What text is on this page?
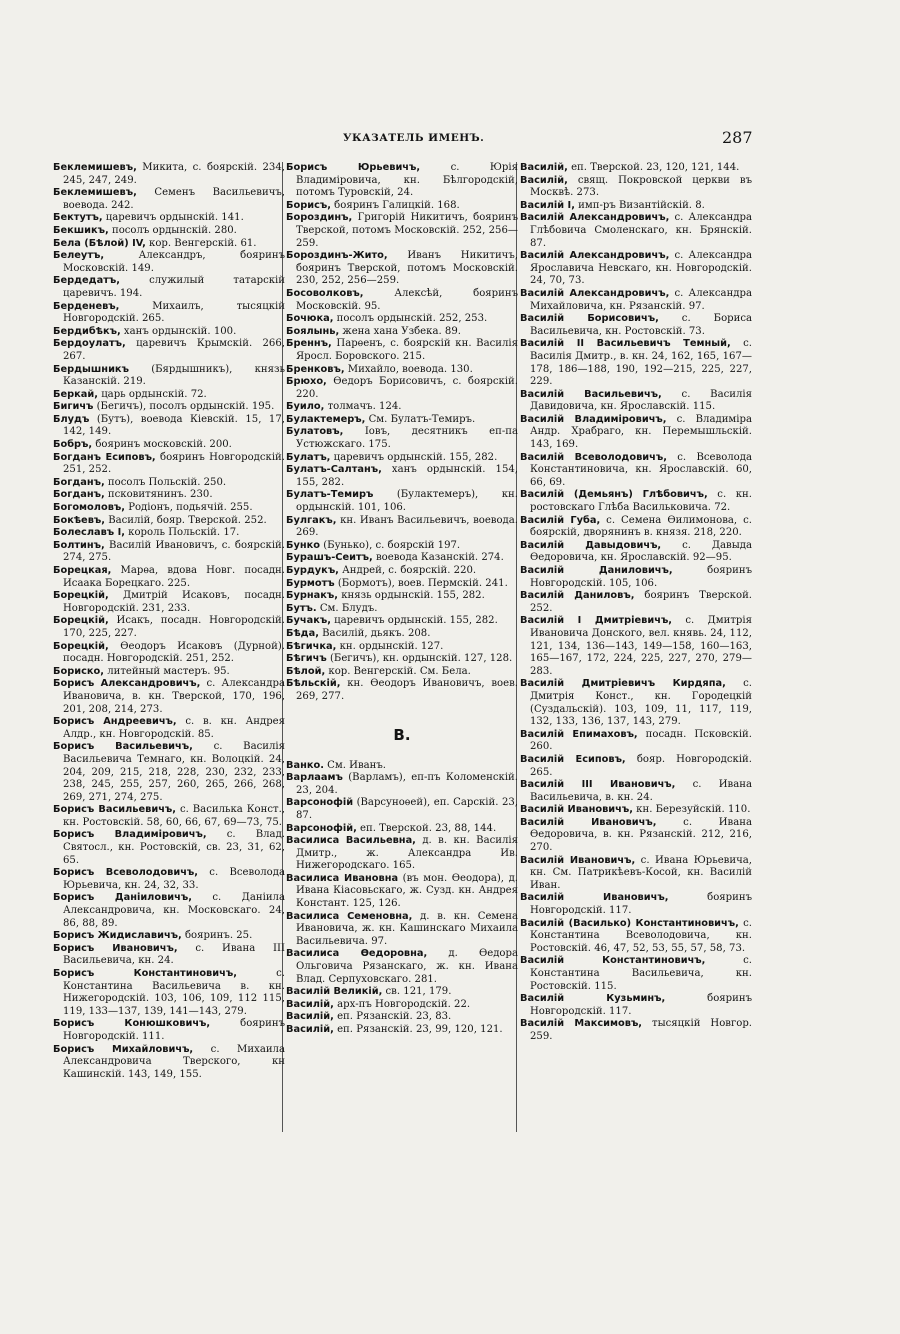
УКАЗАТЕЛЬ ИМЕНЪ.	287

Беклемишевъ, Микита, с. боярскій. 234, 245, 247, 249.

Беклемишевъ, Семенъ Васильевичъ, воевода. 242.

Бектутъ, царевичъ ордынскій. 141.

Бекшикъ, посолъ ордынскій. 280.

Бела (Бѣлой) IV, кор. Венгерскій. 61.

Белеутъ, Александръ, бояринъ Московскій. 149.

Бердедатъ, служилый татарскій царевичъ. 194.

Берденевъ, Михаилъ, тысяцкій Новгородскій. 265.

Бердибѣкъ, ханъ ордынскій. 100.

Бердоулатъ, царевичъ Крымскій. 266, 267.

Бердышникъ (Бярдышникъ), князь Казанскій. 219.

Беркай, царь ордынскій. 72.

Бигичъ (Бегичъ), посолъ ордынскій. 195.

Блудъ (Бутъ), воевода Кіевскій. 15, 17, 142, 149.

Бобръ, бояринъ московскій. 200.

Богданъ Есиповъ, бояринъ Новгородскій. 251, 252.

Богданъ, посолъ Польскій. 250.

Богданъ, псковитянинъ. 230.

Богомоловъ, Родіонъ, подьячій. 255.

Бокѣевъ, Василій, бояр. Тверской. 252.

Болеславъ I, король Польскій. 17.

Болтинъ, Василій Ивановичъ, с. боярскій. 274, 275.

Борецкая, Марѳа, вдова Новг. посадн. Исаака Борецкаго. 225.

Борецкій, Дмитрій Исаковъ, посадн. Новгородскій. 231, 233.

Борецкій, Исакъ, посадн. Новгородскій. 170, 225, 227.

Борецкій, Ѳеодоръ Исаковъ (Дурной). посадн. Новгородскій. 251, 252.

Бориско, литейный мастеръ. 95.

Борисъ Александровичъ, с. Александра Ивановича, в. кн. Тверской, 170, 196, 201, 208, 214, 273.

Борисъ Андреевичъ, с. в. кн. Андрея Алдр., кн. Новгородскій. 85.

Борисъ Васильевичъ, с. Василія Васильевича Темнаго, кн. Волоцкій. 24, 204, 209, 215, 218, 228, 230, 232, 233, 238, 245, 255, 257, 260, 265, 266, 268, 269, 271, 274, 275.

Борисъ Васильевичъ, с. Василька Конст., кн. Ростовскій. 58, 60, 66, 67, 69—73, 75.

Борисъ Владиміровичъ, с. Влад. Святосл., кн. Ростовскій, св. 23, 31, 62, 65.

Борисъ Всеволодовичъ, с. Всеволода Юрьевича, кн. 24, 32, 33.

Борисъ Даніиловичъ, с. Даніила Александровича, кн. Московскаго. 24, 86, 88, 89.

Борисъ Жидиславичъ, бояринъ. 25.

Борисъ Ивановичъ, с. Ивана III Васильевича, кн. 24.

Борисъ Константиновичъ, с. Константина Васильевича в. кн. Нижегородскій. 103, 106, 109, 112 115, 119, 133—137, 139, 141—143, 279.

Борисъ Конюшковичъ, бояринъ Новгородскій. 111.

Борисъ Михайловичъ, с. Михаила Александровича Тверского, кн Кашинскій. 143, 149, 155.

Борисъ Юрьевичъ, с. Юрія Владиміровича, кн. Бѣлгородскій, потомъ Туровскій, 24.

Борисъ, бояринъ Галицкій. 168.

Бороздинъ, Григорій Никитичъ, бояринъ Тверской, потомъ Московскій. 252, 256—259.

Бороздинъ-Жито, Иванъ Никитичъ, бояринъ Тверской, потомъ Московскій. 230, 252, 256—259.

Босоволковъ, Алексѣй, бояринъ Московскій. 95.

Бочюка, посолъ ордынскій. 252, 253.

Боялынь, жена хана Узбека. 89.

Бреннъ, Парѳенъ, с. боярскій кн. Василія Яросл. Боровского. 215.

Бренковъ, Михайло, воевода. 130.

Брюхо, Ѳедоръ Борисовичъ, с. боярскій. 220.

Буило, толмачъ. 124.

Булактемеръ, См. Булатъ-Темиръ.

Булатовъ, Іовъ, десятникъ еп-па Устюжскаго. 175.

Булатъ, царевичъ ордынскій. 155, 282.

Булатъ-Салтанъ, ханъ ордынскій. 154, 155, 282.

Булатъ-Темиръ (Булактемеръ), кн. ордынскій. 101, 106.

Булгакъ, кн. Иванъ Васильевичъ, воевода. 269.

Бунко (Бунько), с. боярскій 197.

Бурашъ-Сеитъ, воевода Казанскій. 274.

Бурдукъ, Андрей, с. боярскій. 220.

Бурмотъ (Бормотъ), воев. Пермскій. 241.

Бурнакъ, князь ордынскій. 155, 282.

Бутъ. См. Блудъ.

Бучакъ, царевичъ ордынскій. 155, 282.

Бѣда, Василій, дьякъ. 208.

Бѣгичка, кн. ордынскій. 127.

Бѣгичъ (Бегичъ), кн. ордынскій. 127, 128.

Бѣлой, кор. Венгерскій. См. Бела.

Бѣльскій, кн. Ѳеодоръ Ивановичъ, воев. 269, 277.

В.

Ванко. См. Иванъ.

Варлаамъ (Варламъ), еп-пъ Коломенскій. 23, 204.

Варсонофій (Варсуноѳей), еп. Сарскій. 23, 87.

Варсонофій, еп. Тверской. 23, 88, 144.

Василиса Васильевна, д. в. кн. Василія Дмитр., ж. Александра Ив. Нижегородскаго. 165.

Василиса Ивановна (въ мон. Ѳеодора), д. Ивана Кіасовьскаго, ж. Сузд. кн. Андрея Констант. 125, 126.

Василиса Семеновна, д. в. кн. Семена Ивановича, ж. кн. Кашинскаго Михаила Васильевича. 97.

Василиса Ѳедоровна, д. Ѳедора Ольговича Рязанскаго, ж. кн. Ивана Влад. Серпуховскаго. 281.

Василій Великій, св. 121, 179.

Василій, арх-пъ Новгородскій. 22.

Василій, еп. Рязанскій. 23, 83.

Василій, еп. Рязанскій. 23, 99, 120, 121.

Василій, еп. Тверской. 23, 120, 121, 144.

Василій, свящ. Покровской церкви въ Москвѣ. 273.

Василій I, имп-ръ Византійскій. 8.

Василій Александровичъ, с. Александра Глѣбовича Смоленскаго, кн. Брянскій. 87.

Василій Александровичъ, с. Александра Ярославича Невскаго, кн. Новгородскій. 24, 70, 73.

Василій Александровичъ, с. Александра Михайловича, кн. Рязанскій. 97.

Василій Борисовичъ, с. Бориса Васильевича, кн. Ростовскій. 73.

Василій II Васильевичъ Темный, с. Василія Дмитр., в. кн. 24, 162, 165, 167—178, 186—188, 190, 192—215, 225, 227, 229.

Василій Васильевичъ, с. Василія Давидовича, кн. Ярославскій. 115.

Василій Владиміровичъ, с. Владиміра Андр. Храбраго, кн. Перемышльскій. 143, 169.

Василій Всеволодовичъ, с. Всеволода Константиновича, кн. Ярославскій. 60, 66, 69.

Василій (Демьянъ) Глѣбовичъ, с. кн. ростовскаго Глѣба Васильковича. 72.

Василій Губа, с. Семена Ѳилимонова, с. боярскій, дворянинъ в. князя. 218, 220.

Василій Давыдовичъ, с. Давыда Ѳедоровича, кн. Ярославскій. 92—95.

Василій Даниловичъ, бояринъ Новгородскій. 105, 106.

Василій Даниловъ, бояринъ Тверской. 252.

Василій I Дмитріевичъ, с. Дмитрія Ивановича Донского, вел. княвь. 24, 112, 121, 134, 136—143, 149—158, 160—163, 165—167, 172, 224, 225, 227, 270, 279—283.

Василій Дмитріевичъ Кирдяпа, с. Дмитрія Конст., кн. Городецкій (Суздальскій). 103, 109, 11, 117, 119, 132, 133, 136, 137, 143, 279.

Василій Епимаховъ, посадн. Псковскій. 260.

Василій Есиповъ, бояр. Новгородскій. 265.

Василій III Ивановичъ, с. Ивана Васильевича, в. кн. 24.

Василій Ивановичъ, кн. Березуйскій. 110.

Василій Ивановичъ, с. Ивана Ѳедоровича, в. кн. Рязанскій. 212, 216, 270.

Василій Ивановичъ, с. Ивана Юрьевича, кн. См. Патрикѣевъ-Косой, кн. Василій Иван.

Василій Ивановичъ, бояринъ Новгородскій. 117.

Василій (Василько) Константиновичъ, с. Константина Всеволодовича, кн. Ростовскій. 46, 47, 52, 53, 55, 57, 58, 73.

Василій Константиновичъ, с. Константина Васильевича, кн. Ростовскій. 115.

Василій Кузьминъ, бояринъ Новгородскій. 117.

Василій Максимовъ, тысяцкій Новгор. 259.
